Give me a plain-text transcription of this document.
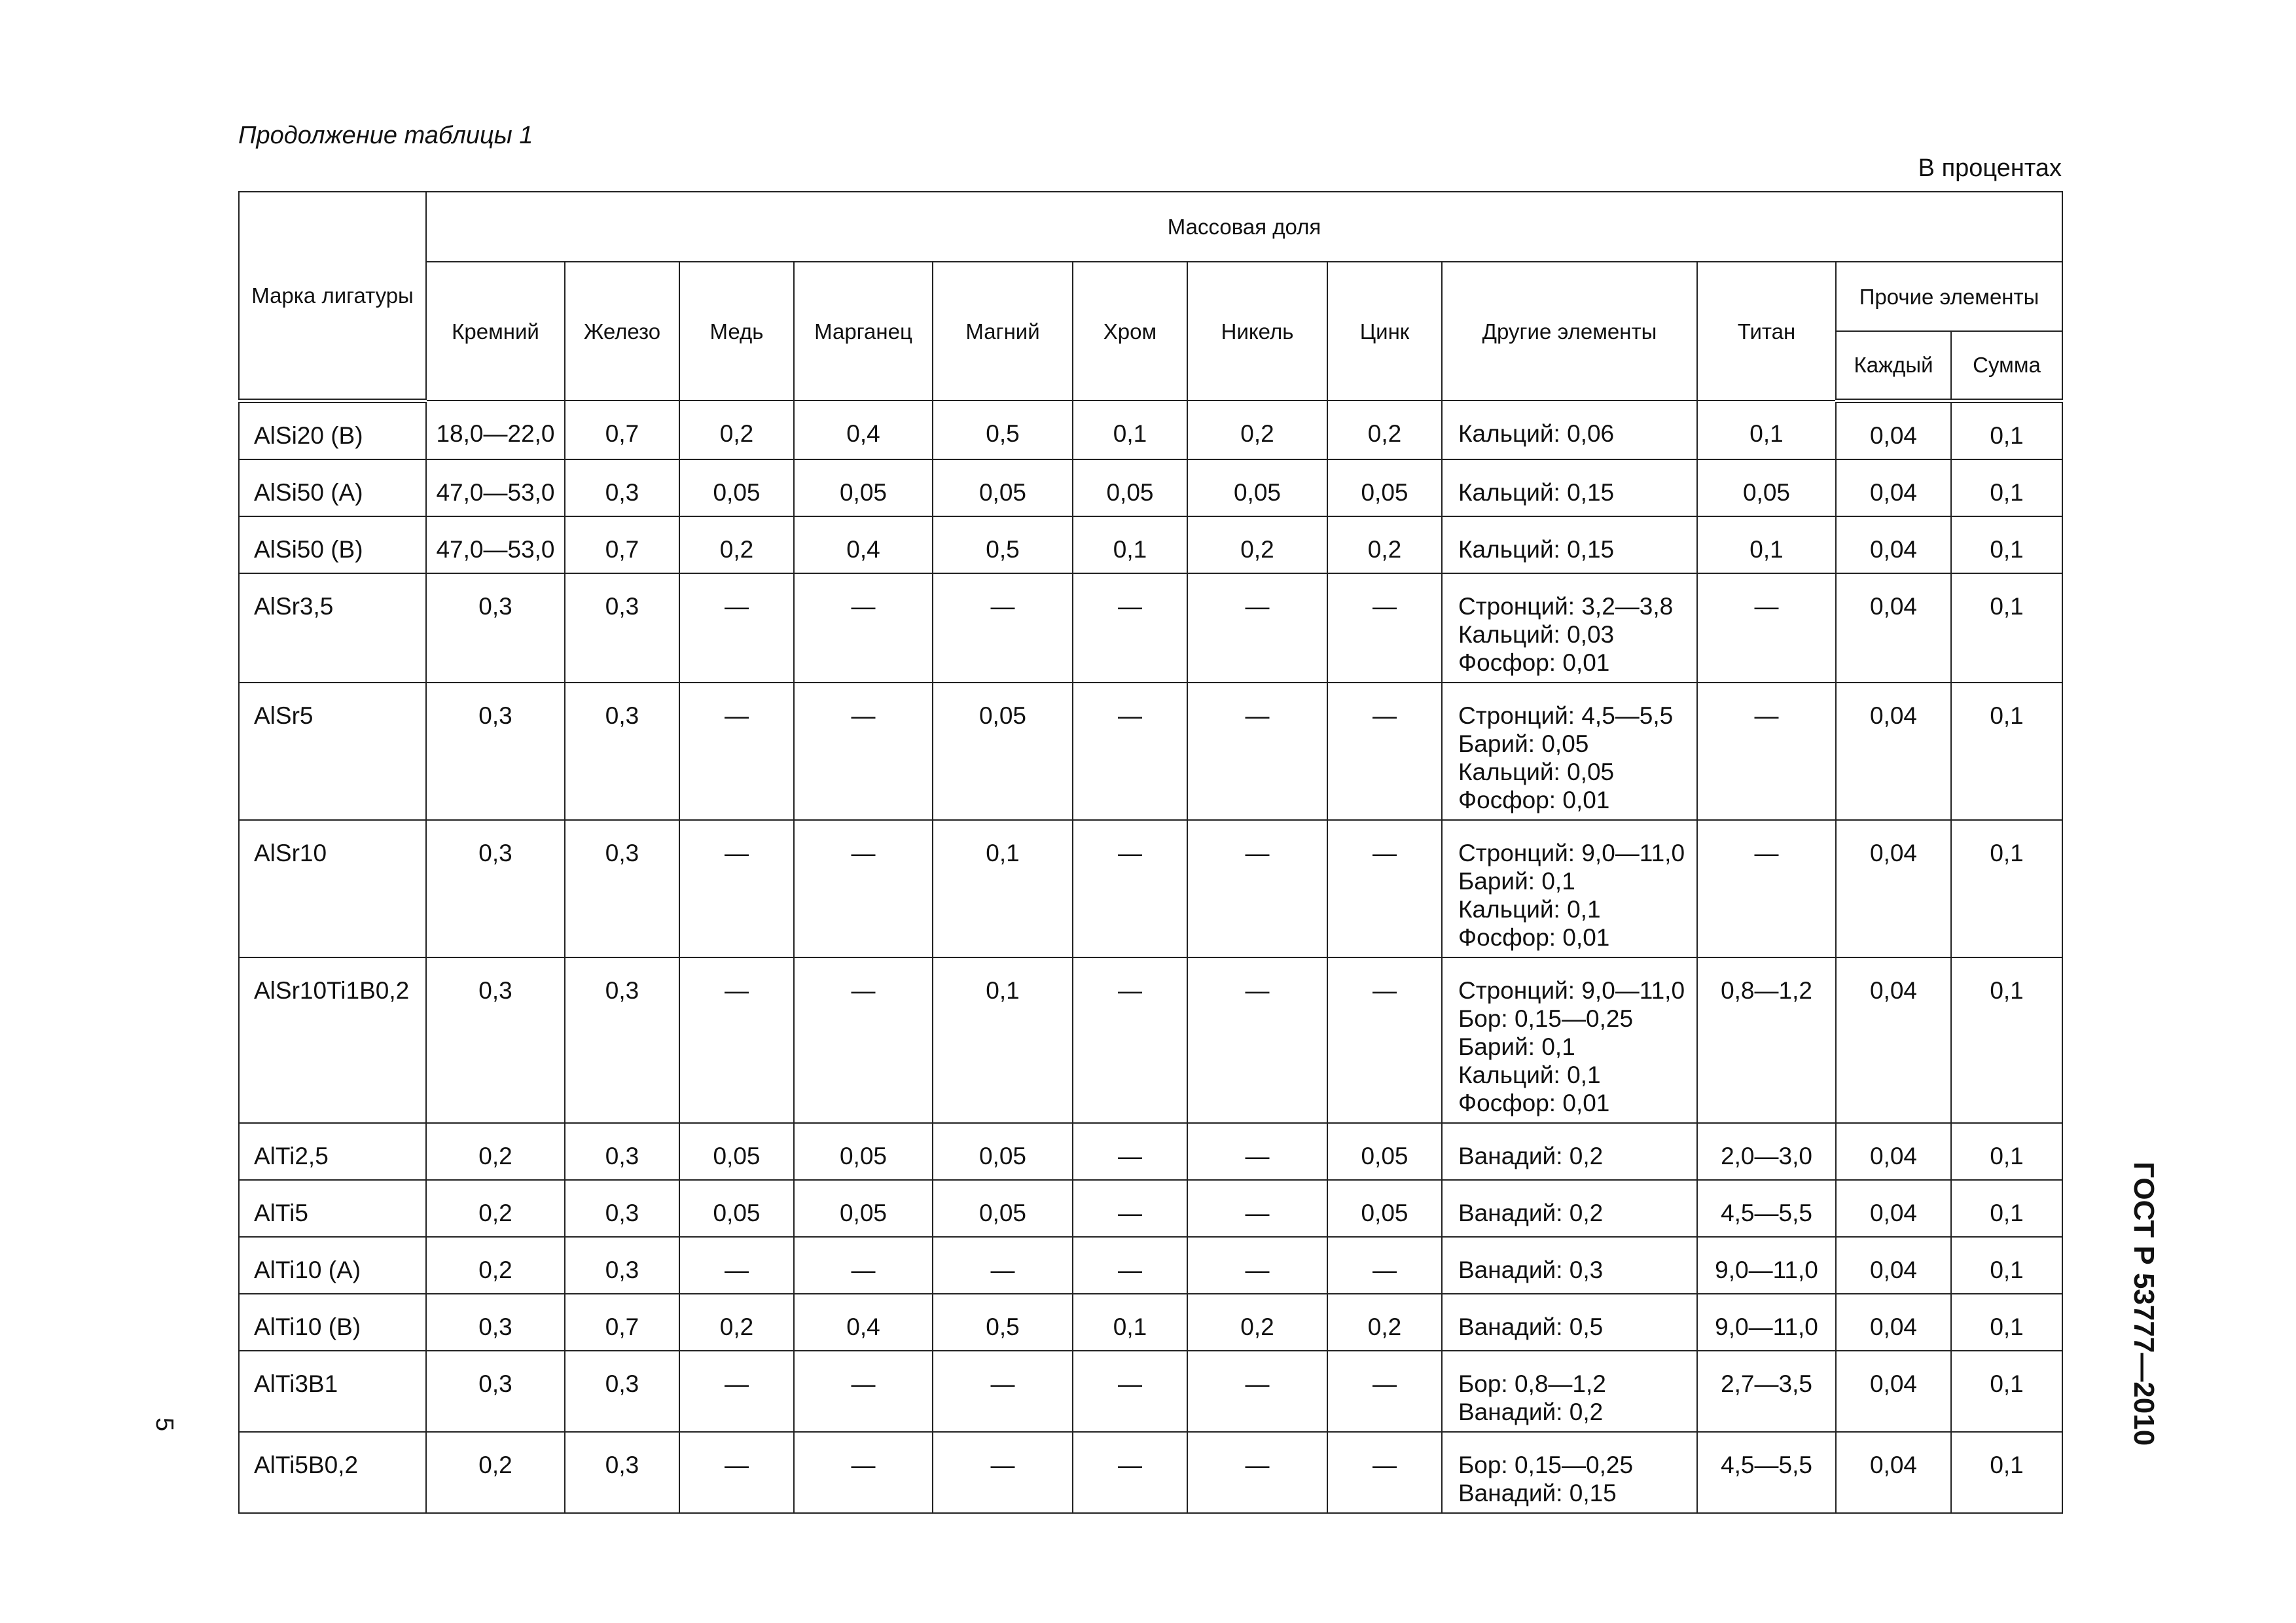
Продолжение таблицы 1
В процентах
Марка лигатуры	Массовая доля											
	Кремний	Железо	Медь	Марганец	Магний	Хром	Никель	Цинк	Другие элементы	Титан	Прочие элементы	
											Каждый	Сумма
AlSi20 (B)	18,0—22,0	0,7	0,2	0,4	0,5	0,1	0,2	0,2	Кальций: 0,06	0,1	0,04	0,1
AlSi50 (A)	47,0—53,0	0,3	0,05	0,05	0,05	0,05	0,05	0,05	Кальций: 0,15	0,05	0,04	0,1
AlSi50 (B)	47,0—53,0	0,7	0,2	0,4	0,5	0,1	0,2	0,2	Кальций: 0,15	0,1	0,04	0,1
AlSr3,5	0,3	0,3	—	—	—	—	—	—	Стронций: 3,2—3,8
Кальций: 0,03
Фосфор: 0,01	—	0,04	0,1
AlSr5	0,3	0,3	—	—	0,05	—	—	—	Стронций: 4,5—5,5
Барий: 0,05
Кальций: 0,05
Фосфор: 0,01	—	0,04	0,1
AlSr10	0,3	0,3	—	—	0,1	—	—	—	Стронций: 9,0—11,0
Барий: 0,1
Кальций: 0,1
Фосфор: 0,01	—	0,04	0,1
AlSr10Ti1B0,2	0,3	0,3	—	—	0,1	—	—	—	Стронций: 9,0—11,0
Бор: 0,15—0,25
Барий: 0,1
Кальций: 0,1
Фосфор: 0,01	0,8—1,2	0,04	0,1
AlTi2,5	0,2	0,3	0,05	0,05	0,05	—	—	0,05	Ванадий: 0,2	2,0—3,0	0,04	0,1
AlTi5	0,2	0,3	0,05	0,05	0,05	—	—	0,05	Ванадий: 0,2	4,5—5,5	0,04	0,1
AlTi10 (A)	0,2	0,3	—	—	—	—	—	—	Ванадий: 0,3	9,0—11,0	0,04	0,1
AlTi10 (B)	0,3	0,7	0,2	0,4	0,5	0,1	0,2	0,2	Ванадий: 0,5	9,0—11,0	0,04	0,1
AlTi3B1	0,3	0,3	—	—	—	—	—	—	Бор: 0,8—1,2
Ванадий: 0,2	2,7—3,5	0,04	0,1
AlTi5B0,2	0,2	0,3	—	—	—	—	—	—	Бор: 0,15—0,25
Ванадий: 0,15	4,5—5,5	0,04	0,1
ГОСТ Р 53777—2010
5
